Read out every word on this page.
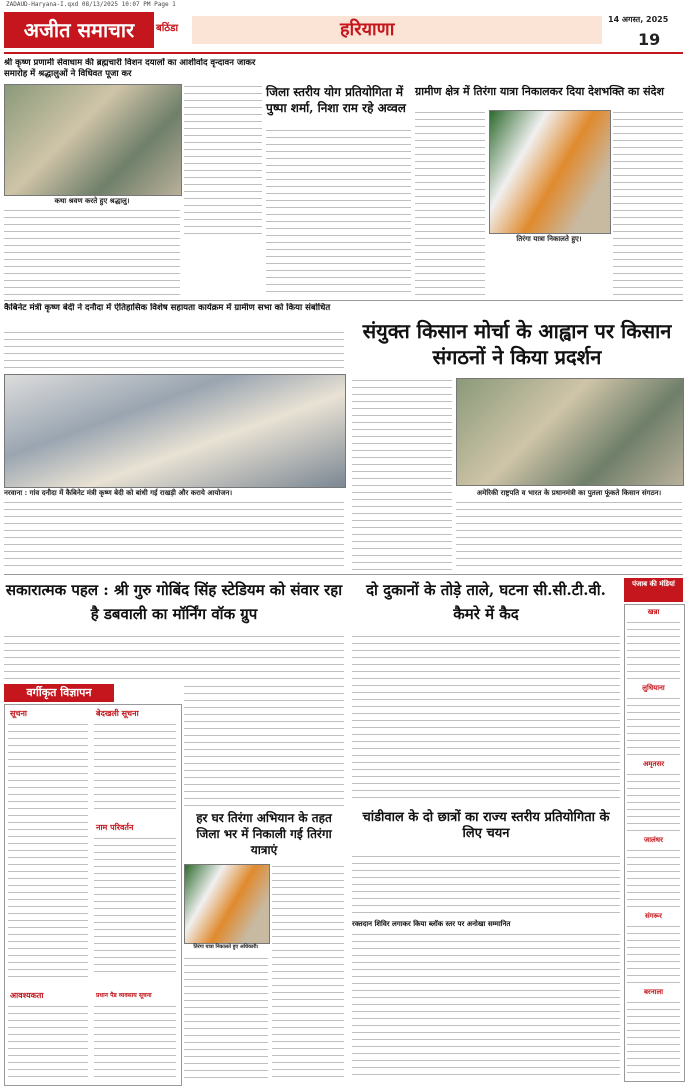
ZADAUD-Haryana-I.qxd 08/13/2025 10:07 PM Page 1
अजीत समाचार	बठिंडा	हरियाणा	14 अगस्त, 2025
19
श्री कृष्ण प्रणामी सेवाधाम की ब्रह्मचारी विशन दयालों का आशीर्वाद वृन्दावन जाकर समारोह में श्रद्धालुओं ने विधिवत पूजा कर
कथा श्रवण करते हुए श्रद्धालु।
जिला स्तरीय योग प्रतियोगिता में पुष्पा शर्मा, निशा राम रहे अव्वल
ग्रामीण क्षेत्र में तिरंगा यात्रा निकालकर दिया देशभक्ति का संदेश
तिरंगा यात्रा निकालते हुए।
कैबिनेट मंत्री कृष्ण बेदी ने दनौदा में ऐतिहासिक विशेष सहायता कार्यक्रम में ग्रामीण सभा को किया संबोधित
नरवाना : गांव दनौदा में कैबिनेट मंत्री कृष्ण बेदी को बांधी गई राखड़ी और कराये आयोजन।
संयुक्त किसान मोर्चा के आह्वान पर किसान संगठनों ने किया प्रदर्शन
अमेरिकी राष्ट्रपति व भारत के प्रधानमंत्री का पुतला फूंकते किसान संगठन।
सकारात्मक पहल : श्री गुरु गोबिंद सिंह स्टेडियम को संवार रहा है डबवाली का मॉर्निंग वॉक ग्रुप
वर्गीकृत विज्ञापन
सूचना	बेदखली सूचना
नाम परिवर्तन
आवश्यकता	प्रधान पैड व्यवसाय सूचना
हर घर तिरंगा अभियान के तहत जिला भर में निकाली गई तिरंगा यात्राएं
तिरंगा यात्रा निकालते हुए अधिकारी।
दो दुकानों के तोड़े ताले, घटना सी.सी.टी.वी. कैमरे में कैद
चांडीवाल के दो छात्रों का राज्य स्तरीय प्रतियोगिता के लिए चयन
रक्तदान शिविर लगाकर किया ब्लॉक स्तर पर अनोखा सम्मानित
पंजाब की मंडियां
खन्ना
लुधियाना
अमृतसर
जालंधर
संगरूर
बरनाला
